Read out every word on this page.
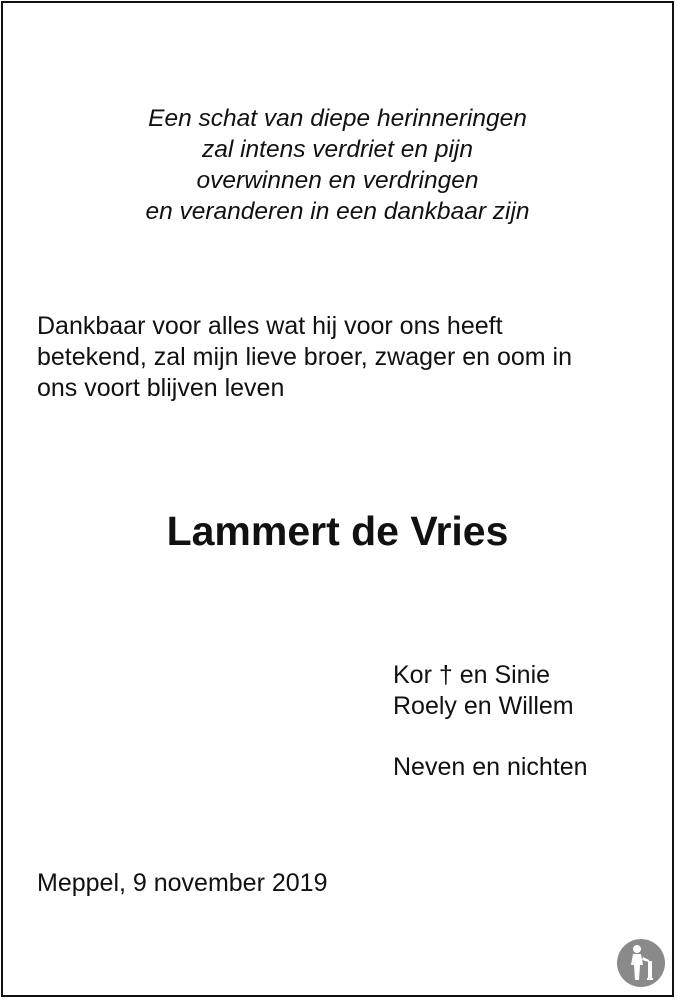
Een schat van diepe herinneringen
zal intens verdriet en pijn
overwinnen en verdringen
en veranderen in een dankbaar zijn
Dankbaar voor alles wat hij voor ons heeft
betekend, zal mijn lieve broer, zwager en oom in
ons voort blijven leven
Lammert de Vries
Kor † en Sinie
Roely en Willem
Neven en nichten
Meppel, 9 november 2019
